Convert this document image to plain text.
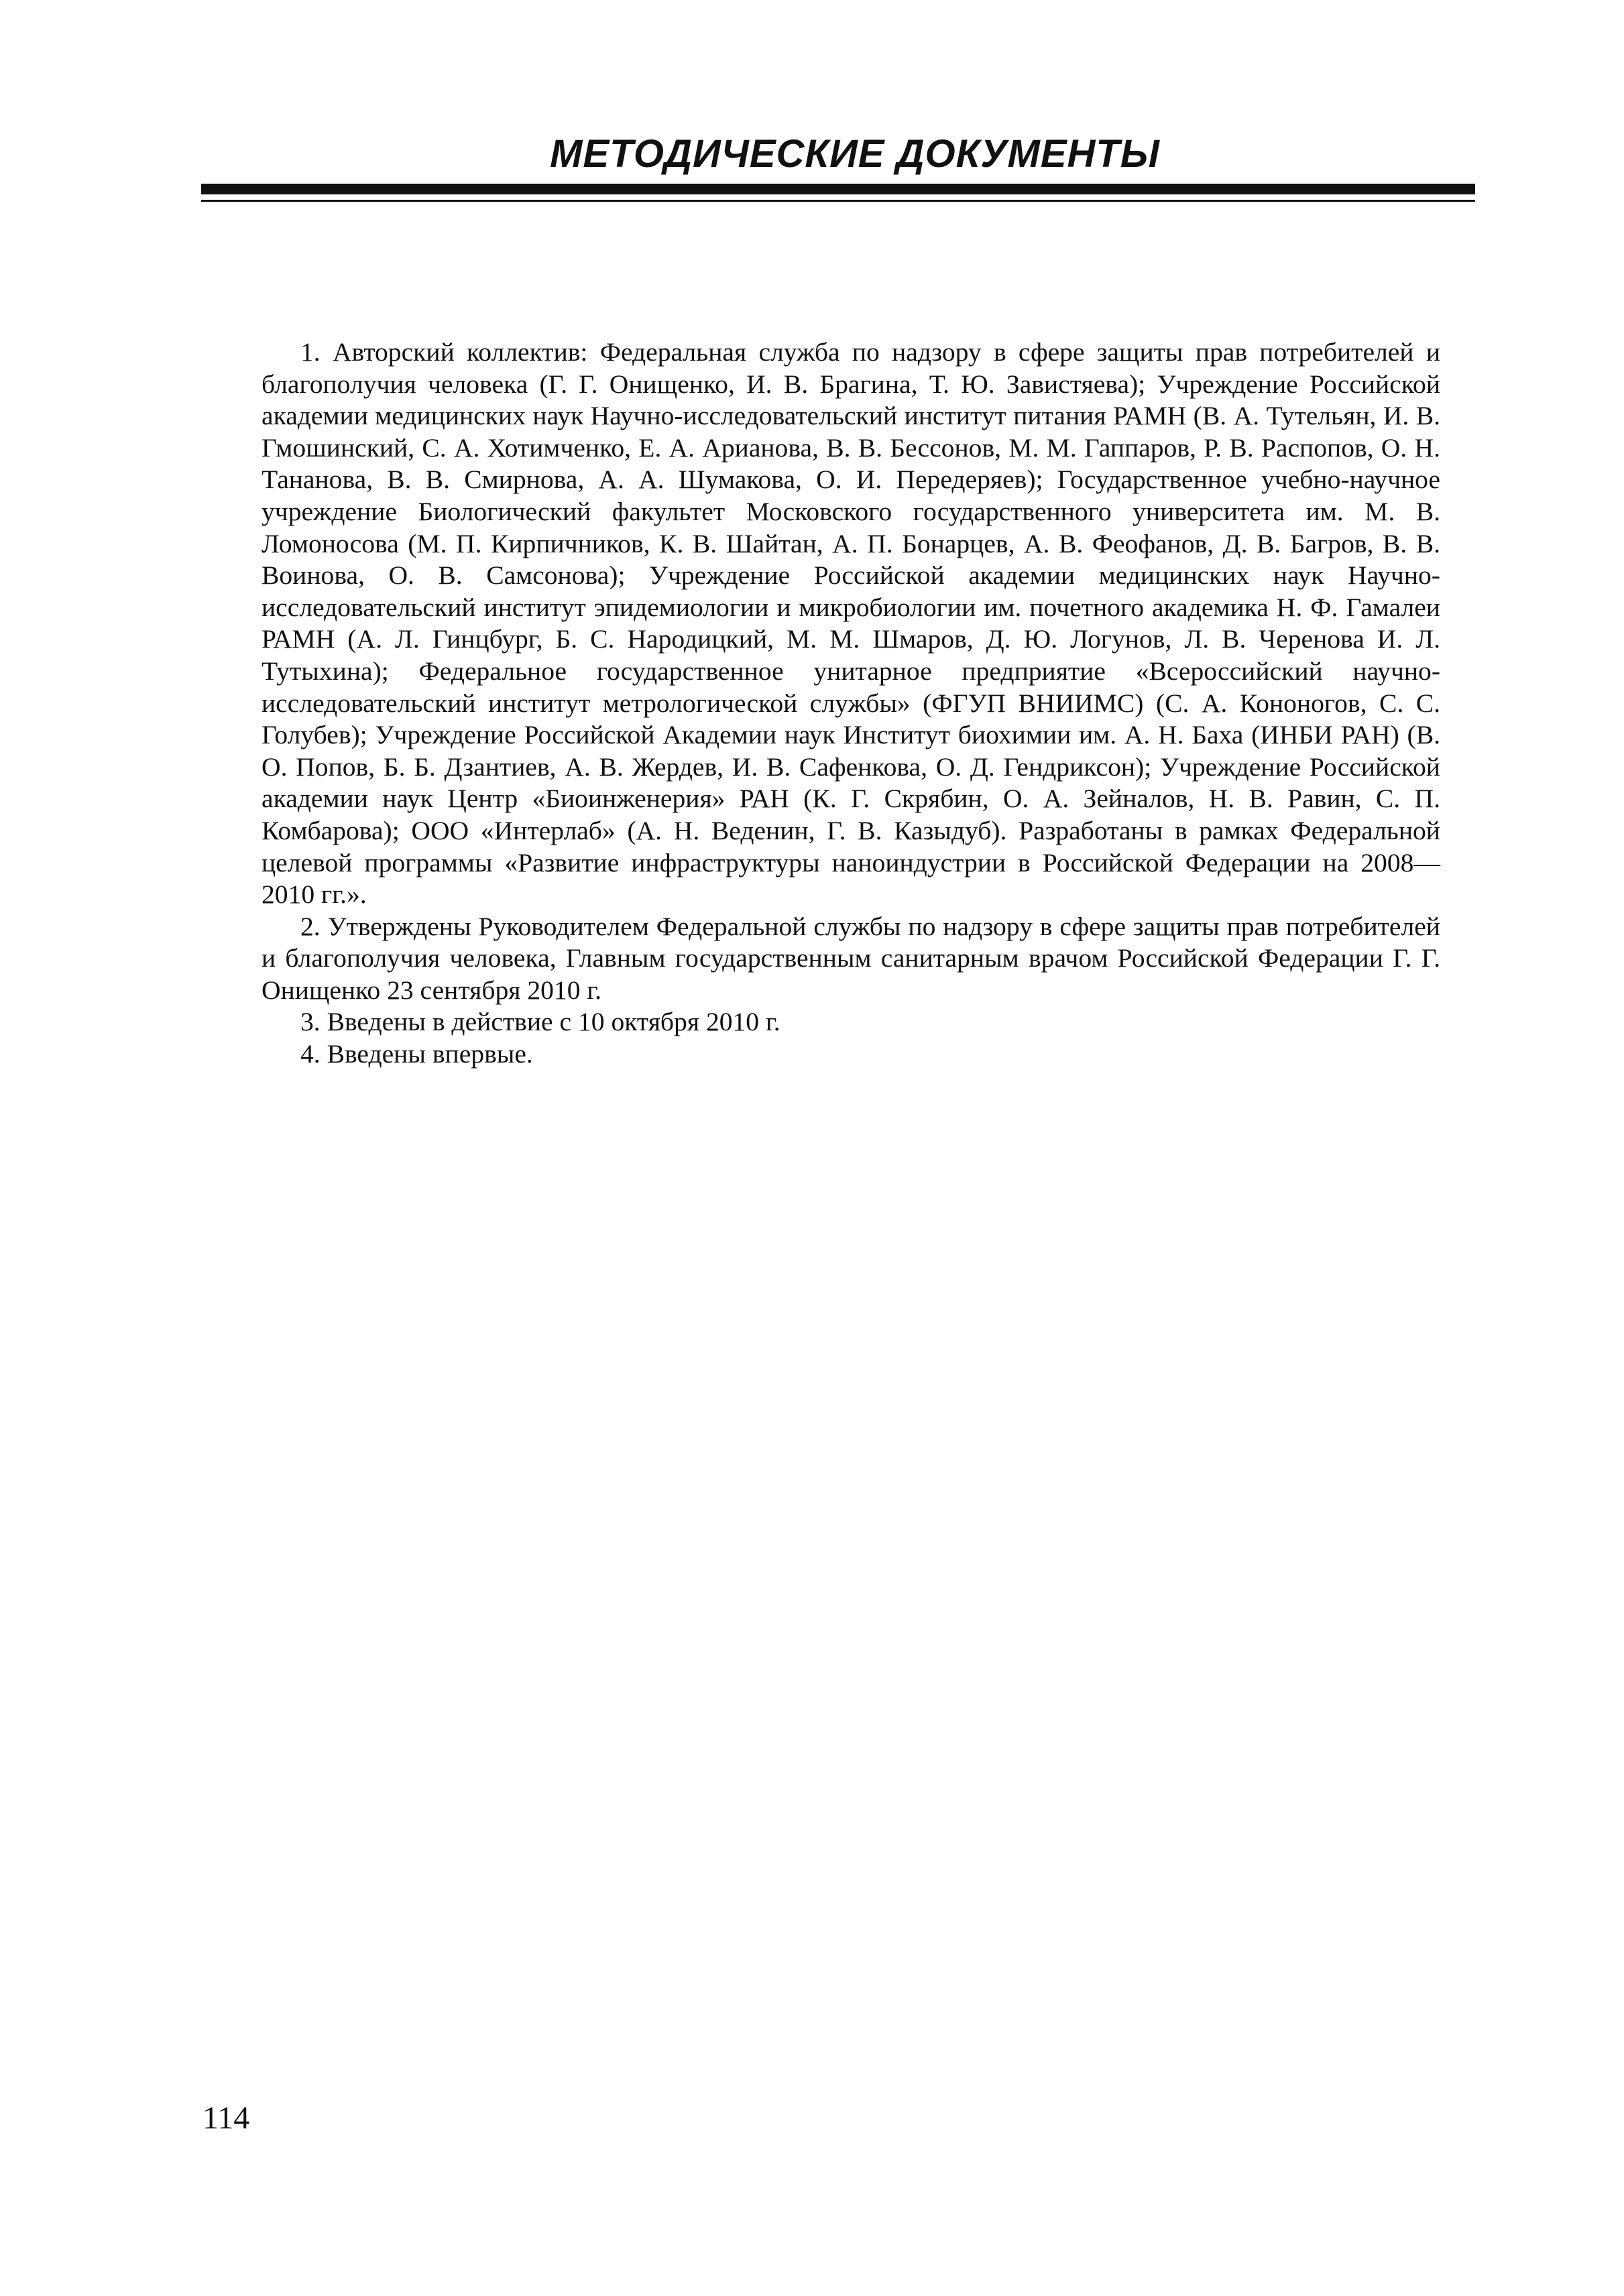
МЕТОДИЧЕСКИЕ ДОКУМЕНТЫ

1. Авторский коллектив: Федеральная служба по надзору в сфере защиты прав потребителей и благополучия человека (Г. Г. Онищенко, И. В. Брагина, Т. Ю. Завистяева); Учреждение Российской академии медицинских наук Научно-исследовательский институт питания РАМН (В. А. Тутельян, И. В. Гмошинский, С. А. Хотимченко, Е. А. Арианова, В. В. Бессонов, М. М. Гаппаров, Р. В. Распопов, О. Н. Тананова, В. В. Смирнова, А. А. Шумакова, О. И. Передеряев); Государственное учебно-научное учреждение Биологический факультет Московского государственного университета им. М. В. Ломоносова (М. П. Кирпичников, К. В. Шайтан, А. П. Бонарцев, А. В. Феофанов, Д. В. Багров, В. В. Воинова, О. В. Самсонова); Учреждение Российской академии медицинских наук Научно-исследовательский институт эпидемиологии и микробиологии им. почетного академика Н. Ф. Гамалеи РАМН (А. Л. Гинцбург, Б. С. Народицкий, М. М. Шмаров, Д. Ю. Логунов, Л. В. Черенова И. Л. Тутыхина); Федеральное государственное унитарное предприятие «Всероссийский научно-исследовательский институт метрологической службы» (ФГУП ВНИИМС) (С. А. Кононогов, С. С. Голубев); Учреждение Российской Академии наук Институт биохимии им. А. Н. Баха (ИНБИ РАН) (В. О. Попов, Б. Б. Дзантиев, А. В. Жердев, И. В. Сафенкова, О. Д. Гендриксон); Учреждение Российской академии наук Центр «Биоинженерия» РАН (К. Г. Скрябин, О. А. Зейналов, Н. В. Равин, С. П. Комбарова); ООО «Интерлаб» (А. Н. Веденин, Г. В. Казыдуб). Разработаны в рамках Федеральной целевой программы «Развитие инфраструктуры наноиндустрии в Российской Федерации на 2008—2010 гг.».

2. Утверждены Руководителем Федеральной службы по надзору в сфере защиты прав потребителей и благополучия человека, Главным государственным санитарным врачом Российской Федерации Г. Г. Онищенко 23 сентября 2010 г.

3. Введены в действие с 10 октября 2010 г.

4. Введены впервые.

114
